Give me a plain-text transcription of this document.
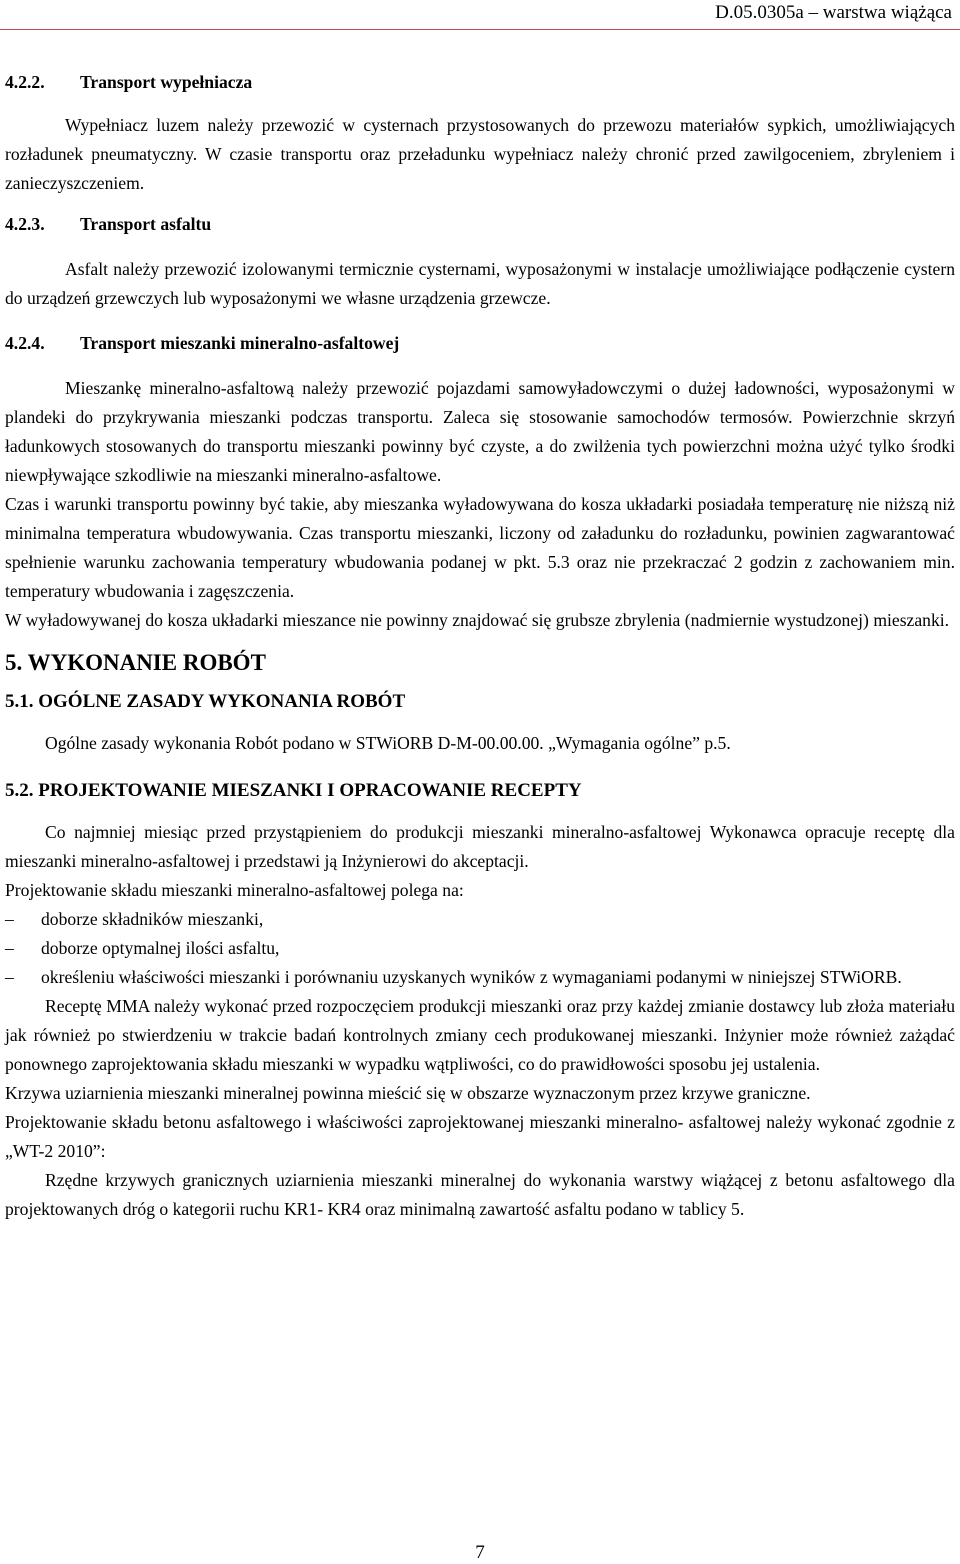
D.05.0305a – warstwa wiążąca

4.2.2. Transport wypełniacza

Wypełniacz luzem należy przewozić w cysternach przystosowanych do przewozu materiałów sypkich, umożliwiających rozładunek pneumatyczny. W czasie transportu oraz przeładunku wypełniacz należy chronić przed zawilgoceniem, zbryleniem i zanieczyszczeniem.

4.2.3. Transport asfaltu

Asfalt należy przewozić izolowanymi termicznie cysternami, wyposażonymi w instalacje umożliwiające podłączenie cystern do urządzeń grzewczych lub wyposażonymi we własne urządzenia grzewcze.

4.2.4. Transport mieszanki mineralno-asfaltowej

Mieszankę mineralno-asfaltową należy przewozić pojazdami samowyładowczymi o dużej ładowności, wyposażonymi w plandeki do przykrywania mieszanki podczas transportu. Zaleca się stosowanie samochodów termosów. Powierzchnie skrzyń ładunkowych stosowanych do transportu mieszanki powinny być czyste, a do zwilżenia tych powierzchni można użyć tylko środki niewpływające szkodliwie na mieszanki mineralno-asfaltowe.

Czas i warunki transportu powinny być takie, aby mieszanka wyładowywana do kosza układarki posiadała temperaturę nie niższą niż minimalna temperatura wbudowywania. Czas transportu mieszanki, liczony od załadunku do rozładunku, powinien zagwarantować spełnienie warunku zachowania temperatury wbudowania podanej w pkt. 5.3 oraz nie przekraczać 2 godzin z zachowaniem min. temperatury wbudowania i zagęszczenia.

W wyładowywanej do kosza układarki mieszance nie powinny znajdować się grubsze zbrylenia (nadmiernie wystudzonej) mieszanki.

5. WYKONANIE ROBÓT

5.1. OGÓLNE ZASADY WYKONANIA ROBÓT

Ogólne zasady wykonania Robót podano w STWiORB D-M-00.00.00. „Wymagania ogólne” p.5.

5.2. PROJEKTOWANIE MIESZANKI I OPRACOWANIE RECEPTY

Co najmniej miesiąc przed przystąpieniem do produkcji mieszanki mineralno-asfaltowej Wykonawca opracuje receptę dla mieszanki mineralno-asfaltowej i przedstawi ją Inżynierowi do akceptacji.

Projektowanie składu mieszanki mineralno-asfaltowej polega na:

– doborze składników mieszanki,
– doborze optymalnej ilości asfaltu,
– określeniu właściwości mieszanki i porównaniu uzyskanych wyników z wymaganiami podanymi w niniejszej STWiORB.

Receptę MMA należy wykonać przed rozpoczęciem produkcji mieszanki oraz przy każdej zmianie dostawcy lub złoża materiału jak również po stwierdzeniu w trakcie badań kontrolnych zmiany cech produkowanej mieszanki. Inżynier może również zażądać ponownego zaprojektowania składu mieszanki w wypadku wątpliwości, co do prawidłowości sposobu jej ustalenia.

Krzywa uziarnienia mieszanki mineralnej powinna mieścić się w obszarze wyznaczonym przez krzywe graniczne.

Projektowanie składu betonu asfaltowego i właściwości zaprojektowanej mieszanki mineralno- asfaltowej należy wykonać zgodnie z „WT-2 2010”:

Rzędne krzywych granicznych uziarnienia mieszanki mineralnej do wykonania warstwy wiążącej z betonu asfaltowego dla projektowanych dróg o kategorii ruchu KR1- KR4 oraz minimalną zawartość asfaltu podano w tablicy 5.

7
